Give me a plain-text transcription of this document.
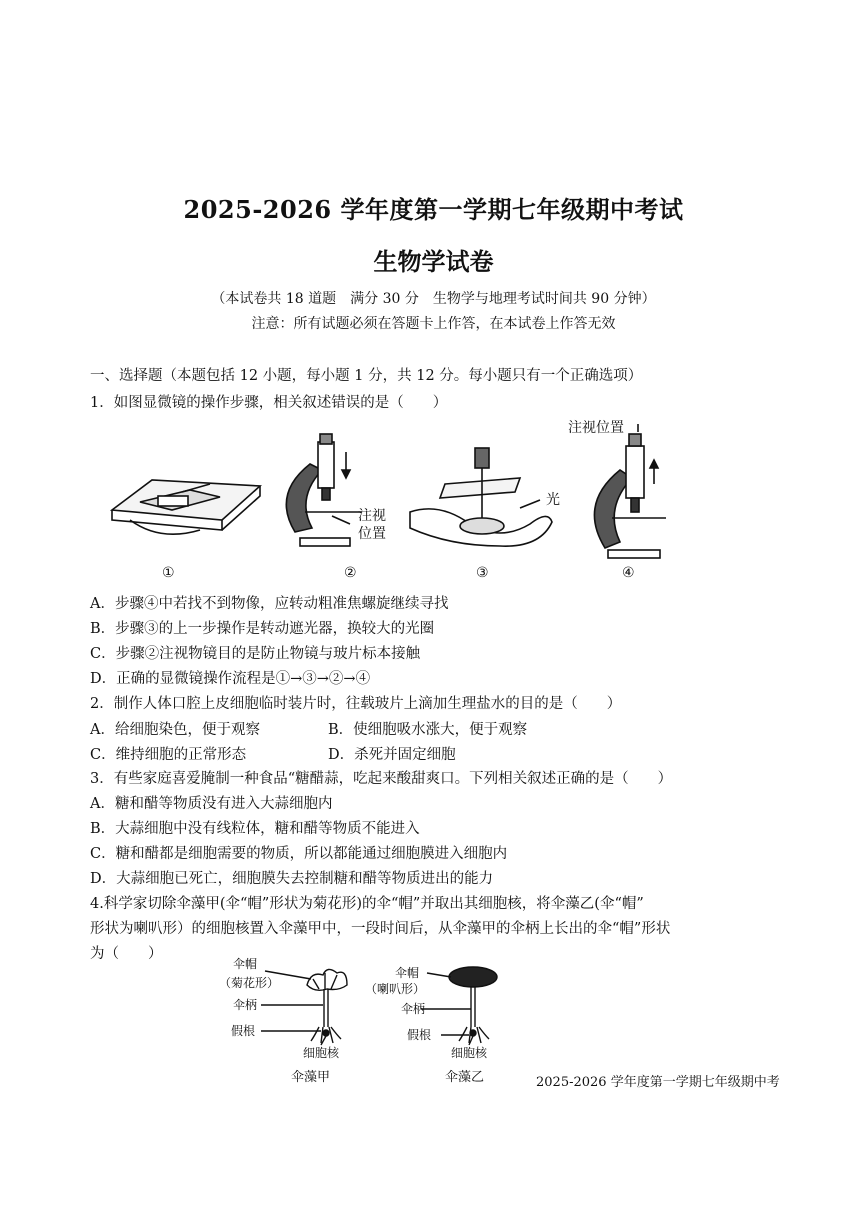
2025-2026 学年度第一学期七年级期中考试
生物学试卷
（本试卷共 18 道题　满分 30 分　生物学与地理考试时间共 90 分钟）
注意：所有试题必须在答题卡上作答，在本试卷上作答无效
一、选择题（本题包括 12 小题，每小题 1 分，共 12 分。每小题只有一个正确选项）
1．如图显微镜的操作步骤，相关叙述错误的是（　　）
注视
位置
光
注视位置
①	②	③	④
A．步骤④中若找不到物像，应转动粗准焦螺旋继续寻找
B．步骤③的上一步操作是转动遮光器，换较大的光圈
C．步骤②注视物镜目的是防止物镜与玻片标本接触
D．正确的显微镜操作流程是①→③→②→④
2．制作人体口腔上皮细胞临时装片时，往载玻片上滴加生理盐水的目的是（　　）
A．给细胞染色，便于观察	B．使细胞吸水涨大，便于观察
C．维持细胞的正常形态	D．杀死并固定细胞
3．有些家庭喜爱腌制一种食品“糖醋蒜，吃起来酸甜爽口。下列相关叙述正确的是（　　）
A．糖和醋等物质没有进入大蒜细胞内
B．大蒜细胞中没有线粒体，糖和醋等物质不能进入
C．糖和醋都是细胞需要的物质，所以都能通过细胞膜进入细胞内
D．大蒜细胞已死亡，细胞膜失去控制糖和醋等物质进出的能力
4.科学家切除伞藻甲(伞“帽”形状为菊花形)的伞“帽”并取出其细胞核，将伞藻乙(伞“帽”
形状为喇叭形）的细胞核置入伞藻甲中，一段时间后，从伞藻甲的伞柄上长出的伞“帽”形状
为（　　）
伞帽
（菊花形）
伞柄
假根
细胞核
伞藻甲
伞帽
（喇叭形）
伞柄
假根
细胞核
伞藻乙	2025-2026 学年度第一学期七年级期中考
